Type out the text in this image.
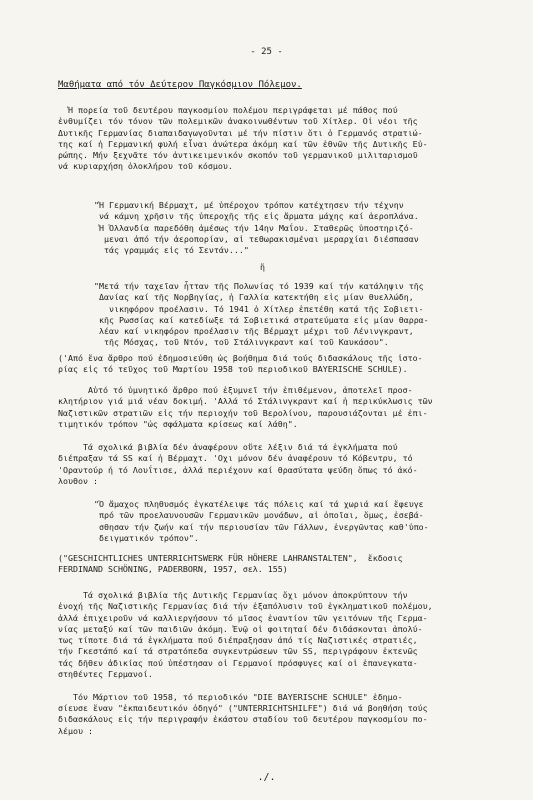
- 25 -
Μαθήματα από τόν Δεύτερον Παγκόσμιον Πόλεμον.

Ἡ πορεία τοῦ δευτέρου παγκοσμίου πολέμου περιγράφεται μέ πάθος πού
ἐνθυμίζει τόν τόνον τῶν πολεμικῶν ἀνακοινωθέντων τοῦ Χίτλερ. Οἱ νέοι τῆς
Δυτικῆς Γερμανίας διαπαιδαγωγοῦνται μέ τήν πίστιν ὅτι ὁ Γερμανός στρατιώ-
της καί ἡ Γερμανική φυλή εἶναι ἀνώτερα ἀκόμη καί τῶν ἐθνῶν τῆς Δυτικῆς Εὐ-
ρώπης. Μήν ξεχνᾶτε τόν ἀντικειμενικόν σκοπόν τοῦ γερμανικοῦ μιλιταρισμοῦ
νά κυριαρχήση ὁλοκλήρου τοῦ κόσμου.

"Ἡ Γερμανική Βέρμαχτ, μέ ὑπέροχον τρόπον κατέχτησεν τήν τέχνην
νά κάμνη χρῆσιν τῆς ὑπεροχῆς τῆς εἰς ἅρματα μάχης καί ἀεροπλάνα.
Ἡ Ὁλλανδία παρεδόθη ἀμέσως τήν 14ην Μαΐου. Σταθερῶς ὑποστηριζό-
μεναι ἀπό τήν ἀεροπορίαν, αἱ τεθωρακισμέναι μεραρχίαι διέσπασαν
τάς γραμμάς εἰς τό Σεντάν..."

ἤ

"Μετά τήν ταχεῖαν ἧτταν τῆς Πολωνίας τό 1939 καί τήν κατάληψιν τῆς
Δανίας καί τῆς Νορβηγίας, ἡ Γαλλία κατεκτήθη εἰς μίαν θυελλώδη,
νικηφόρον προέλασιν. Τό 1941 ὁ Χίτλερ ἐπετέθη κατά τῆς Σοβιετι-
κῆς Ρωσσίας καί κατεδίωξε τά Σοβιετικά στρατεύματα εἰς μίαν θαρρα-
λέαν καί νικηφόρον προέλασιν τῆς Βέρμαχτ μέχρι τοῦ Λένινγκραντ,
τῆς Μόσχας, τοῦ Ντόν, τοῦ Στάλινγκραντ καί τοῦ Καυκάσου".

('Από ἕνα ἄρθρο πού ἐδημοσιεύθη ὡς βοήθημα διά τούς διδασκάλους τῆς ἱστο-
ρίας εἰς τό τεῦχος τοῦ Μαρτίου 1958 τοῦ περιοδικοῦ BAYERISCHE SCHULE).

Αὐτό τό ὑμνητικό ἄρθρο πού ἐξυμνεῖ τήν ἐπιθέμενον, ἀποτελεῖ προσ-
κλητήριον γιά μιά νέαν δοκιμή. 'Αλλά τό Στάλινγκραντ καί ἡ περικύκλωσις τῶν
Ναζιστικῶν στρατιῶν εἰς τήν περιοχήν τοῦ Βερολίνου, παρουσιάζονται μέ ἐπι-
τιμητικόν τρόπον "ὡς σφάλματα κρίσεως καί λάθη".

Τά σχολικά βιβλία δέν ἀναφέρουν οὔτε λέξιν διά τά ἐγκλήματα πού
διέπραξαν τά SS καί ἡ Βέρμαχτ. 'Οχι μόνον δέν ἀναφέρουν τό Κόβεντρυ, τό
'Οραντούρ ή τό Λουΐτισε, ἀλλά περιέχουν καί θρασύτατα ψεύδη ὅπως τό ἀκό-
λουθον :

"Ὁ ἄμαχος πληθυσμός ἐγκατέλειψε τάς πόλεις καί τά χωριά καί ἔφευγε
πρό τῶν προελαυνουσῶν Γερμανικῶν μονάδων, αἱ ὁποῖαι, ὅμως, ἐσεβά-
σθησαν τήν ζωήν καί τήν περιουσίαν τῶν Γάλλων, ἐνεργῶντας καθ'ὑπο-
δειγματικόν τρόπον".

("GESCHICHTLICHES UNTERRICHTSWERK FÜR HÖHERE LAHRANSTALTEN",  ἔκδοσις
FERDINAND SCHÖNING, PADERBORN, 1957, σελ. 155)

Τά σχολικά βιβλία τῆς Δυτικῆς Γερμανίας ὄχι μόνον ἀποκρύπτουν τήν
ἐνοχή τῆς Ναζιστικῆς Γερμανίας διά τήν ἐξαπόλυσιν τοῦ ἐγκληματικοῦ πολέμου,
ἀλλά ἐπιχειροῦν νά καλλιεργήσουν τό μῖσος ἐναντίον τῶν γειτόνων τῆς Γερμα-
νίας μεταξύ καί τῶν παιδιῶν ἀκόμη. Ἐνῷ οἱ φοιτηταί δέν διδάσκονται ἀπολύ-
τως τίποτε διά τά ἐγκλήματα πού διέπραξησαν ἀπό τίς Ναζιστικές στρατιές,
τήν Γκεστάπό καί τά στρατόπεδα συγκεντρώσεων τῶν SS, περιγράφουν ἐκτενῶς
τάς δῆθεν ἀδικίας πού ὑπέστησαν οἱ Γερμανοί πρόσφυγες καί οἱ ἐπανεγκατα-
στηθέντες Γερμανοί.

Τόν Μάρτιον τοῦ 1958, τό περιοδικόν "DIE BAYERISCHE SCHULE" ἐδημο-
σίευσε ἕναν "ἐκπαιδευτικόν ὁδηγό" ("UNTERRICHTSHILFE") διά νά βοηθήση τούς
διδασκάλους εἰς τήν περιγραφήν ἑκάστου σταδίου τοῦ δευτέρου παγκοσμίου πο-
λέμου :

./.
